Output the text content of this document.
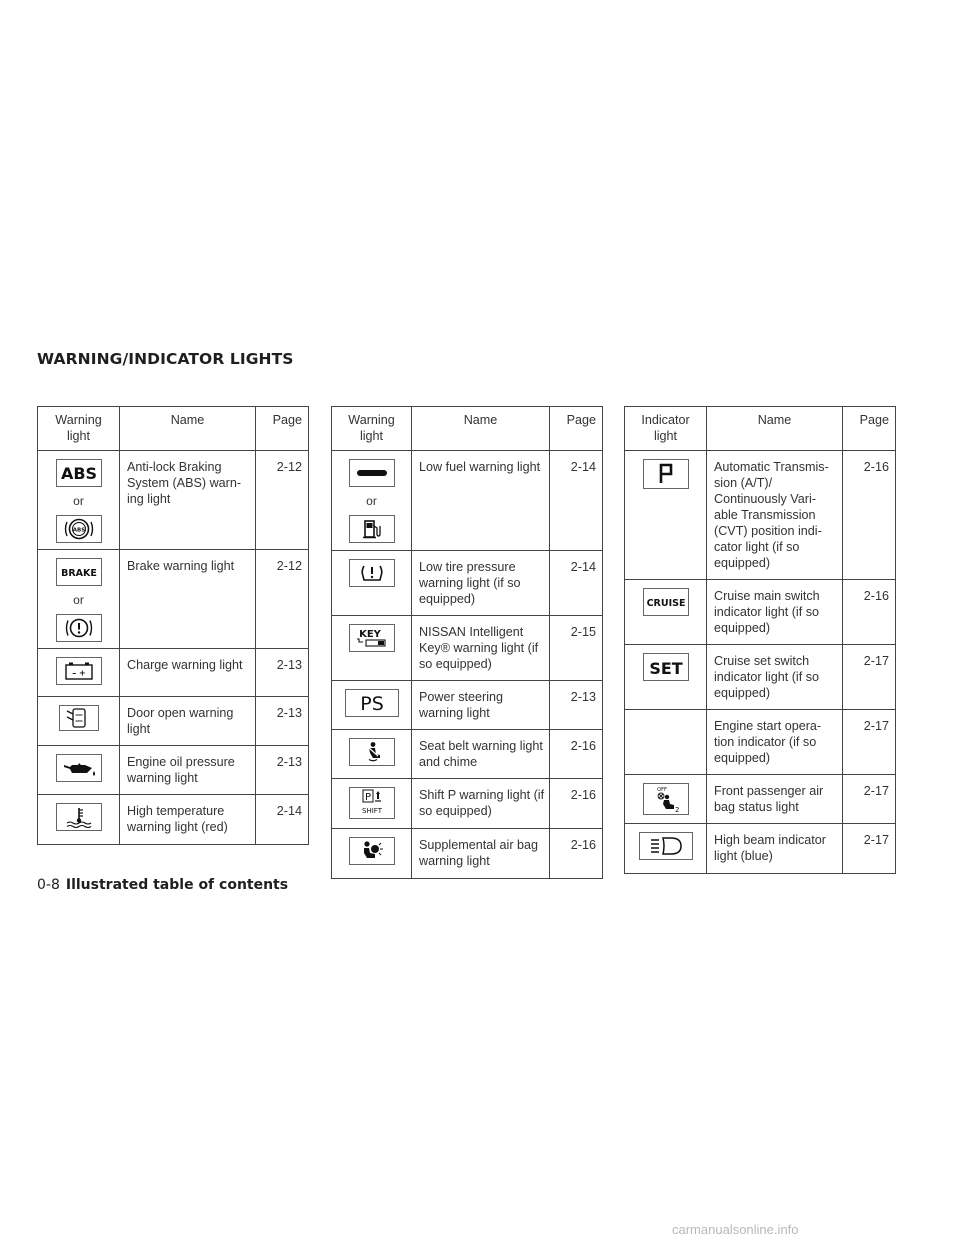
WARNING/INDICATOR LIGHTS
Warning light	Name	Page

ABS
or
ABS	Anti-lock Braking System (ABS) warn-ing light	2-12

BRAKE
or	Brake warning light	2-12

– +	Charge warning light	2-13

	Door open warning light	2-13

	Engine oil pressure warning light	2-13

	High temperature warning light (red)	2-14
Warning light	Name	Page

or	Low fuel warning light	2-14

	Low tire pressure warning light (if so equipped)	2-14

KEY	NISSAN Intelligent Key® warning light (if so equipped)	2-15

PS	Power steering warning light	2-13

	Seat belt warning light and chime	2-16

P
SHIFT	Shift P warning light (if so equipped)	2-16

	Supplemental air bag warning light	2-16
Indicator light	Name	Page

	Automatic Transmis-sion (A/T)/ Continuously Vari-able Transmission (CVT) position indi-cator light (if so equipped)	2-16

CRUISE	Cruise main switch indicator light (if so equipped)	2-16

SET	Cruise set switch indicator light (if so equipped)	2-17
	Engine start opera-tion indicator (if so equipped)	2-17

OFF
2	Front passenger air bag status light	2-17

	High beam indicator light (blue)	2-17
0-8 Illustrated table of contents
carmanualsonline.info
